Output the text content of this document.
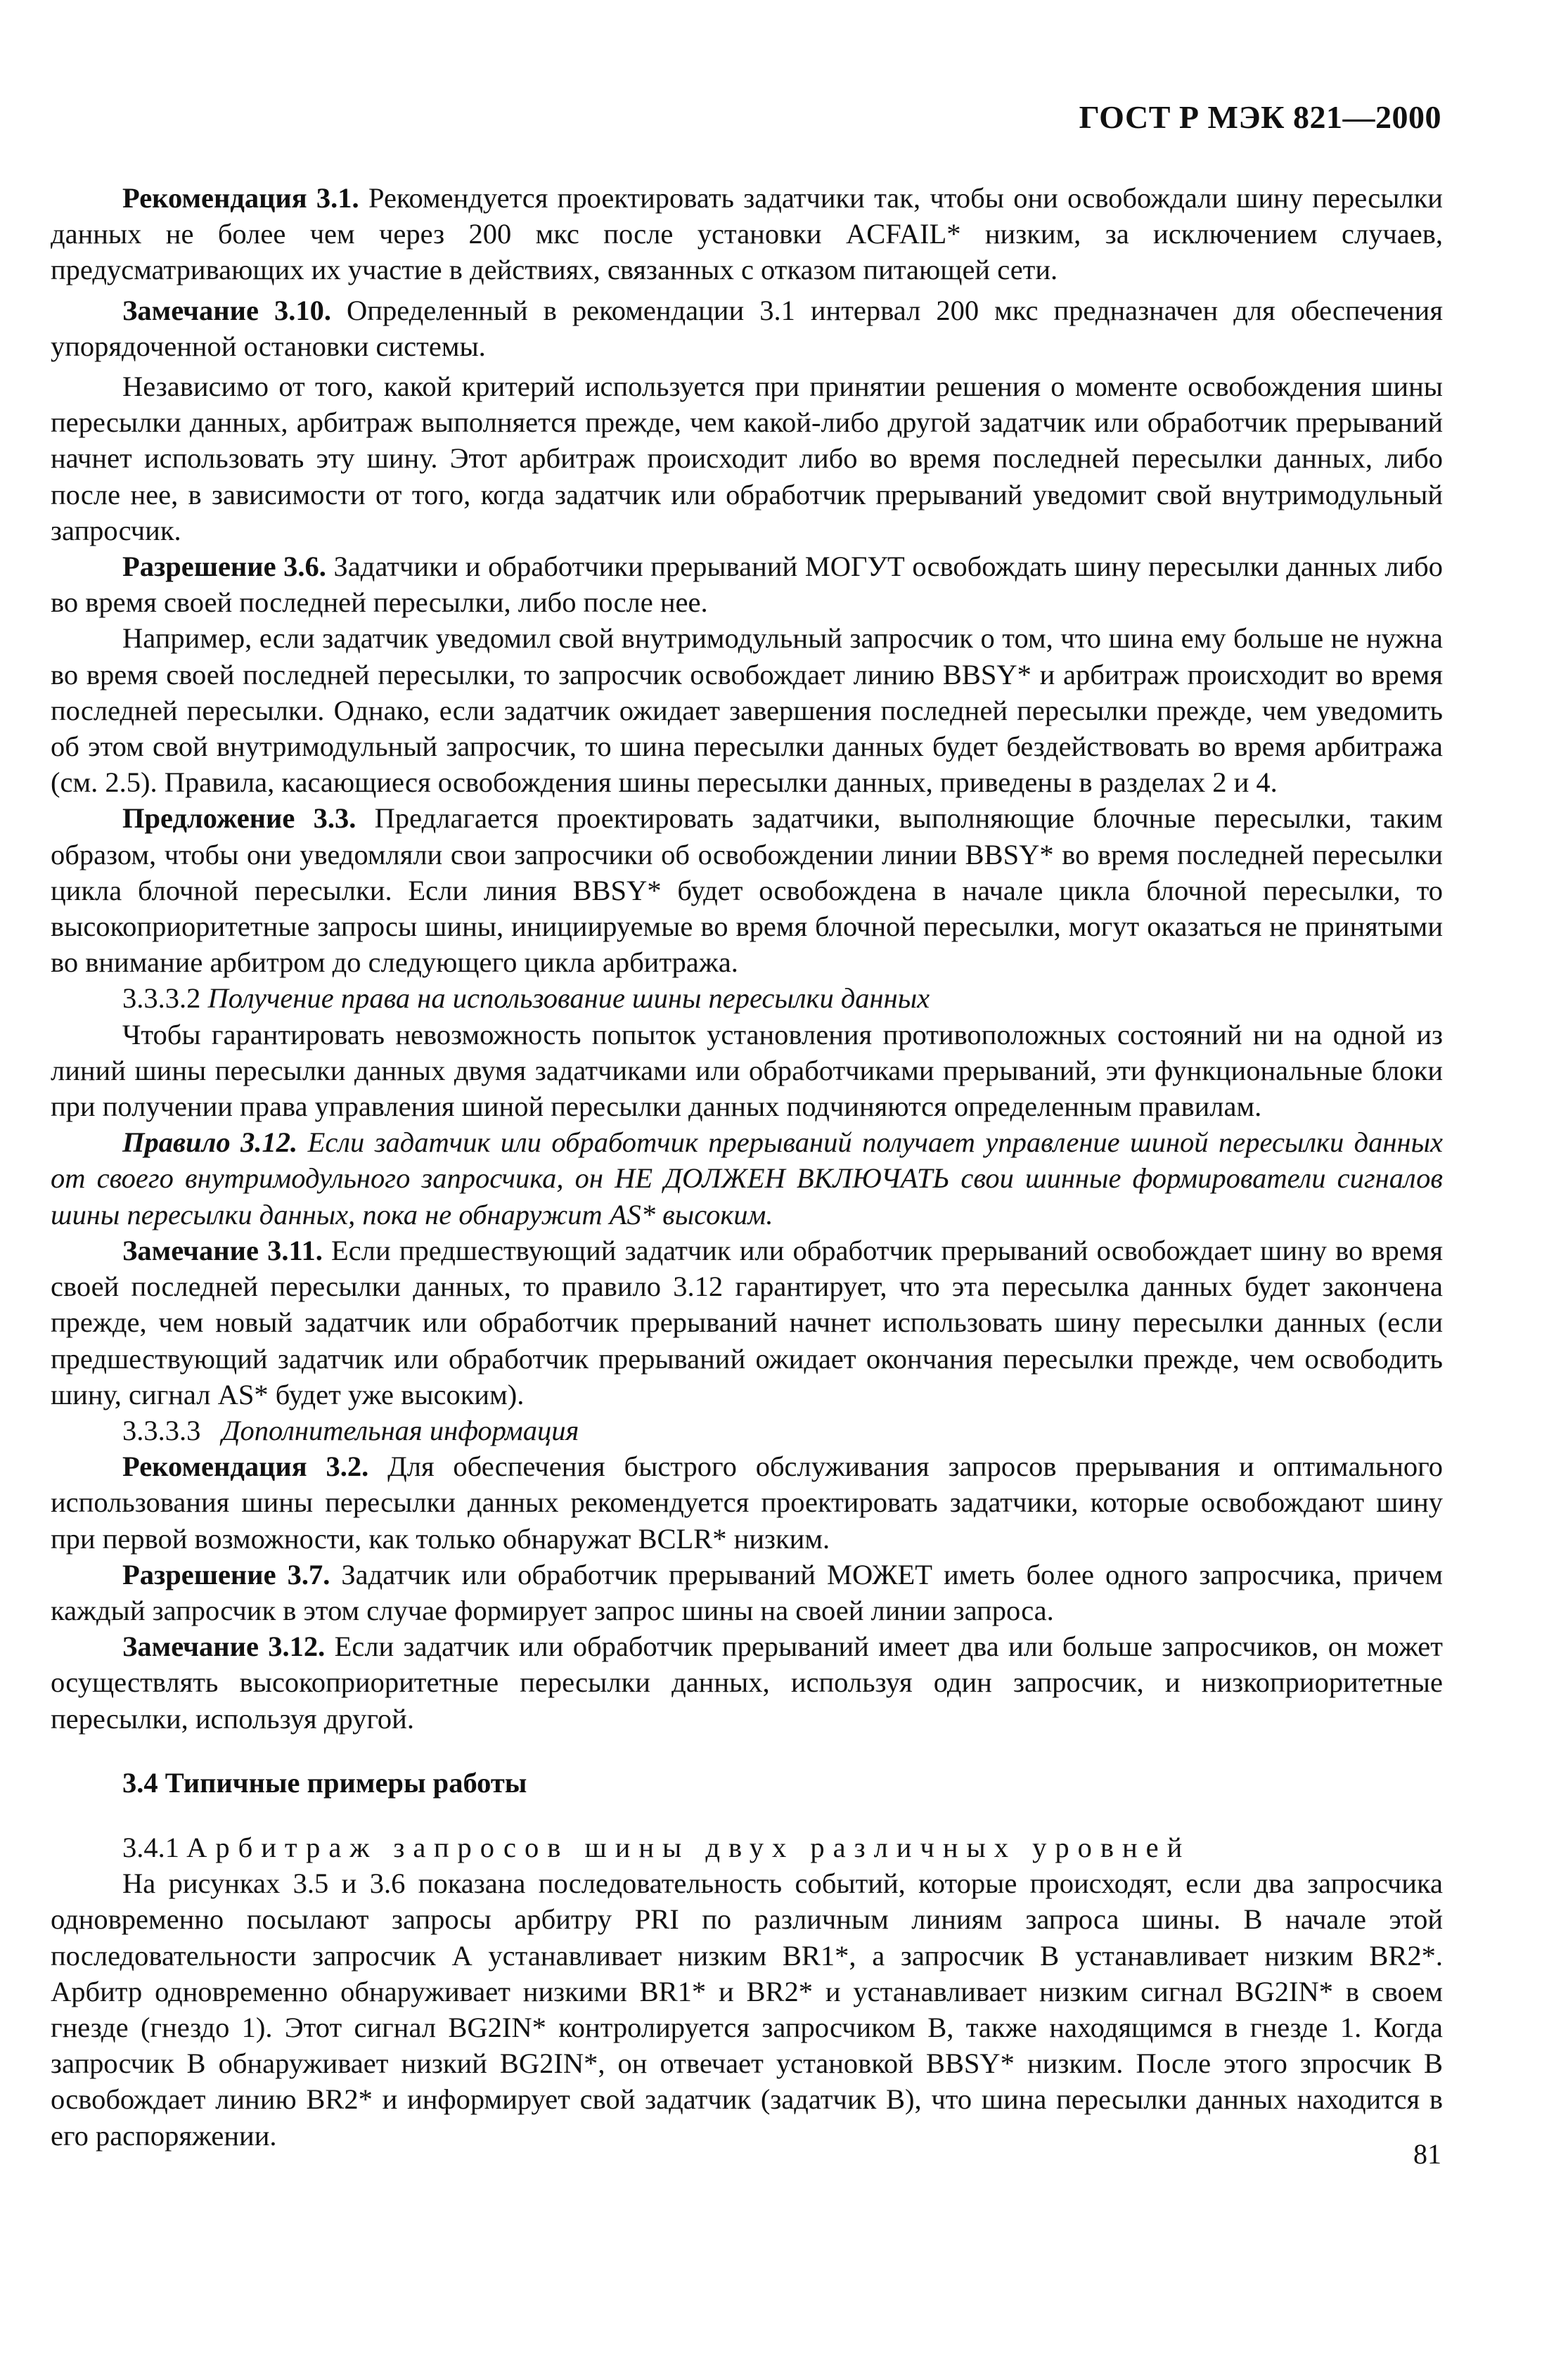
ГОСТ Р МЭК 821—2000

Рекомендация 3.1. Рекомендуется проектировать задатчики так, чтобы они освобождали шину пересылки данных не более чем через 200 мкс после установки ACFAIL* низким, за исключением случаев, предусматривающих их участие в действиях, связанных с отказом питающей сети.

Замечание 3.10. Определенный в рекомендации 3.1 интервал 200 мкс предназначен для обеспечения упорядоченной остановки системы.

Независимо от того, какой критерий используется при принятии решения о моменте освобождения шины пересылки данных, арбитраж выполняется прежде, чем какой-либо другой задатчик или обработчик прерываний начнет использовать эту шину. Этот арбитраж происходит либо во время последней пересылки данных, либо после нее, в зависимости от того, когда задатчик или обработчик прерываний уведомит свой внутримодульный запросчик.

Разрешение 3.6. Задатчики и обработчики прерываний МОГУТ освобождать шину пересылки данных либо во время своей последней пересылки, либо после нее.

Например, если задатчик уведомил свой внутримодульный запросчик о том, что шина ему больше не нужна во время своей последней пересылки, то запросчик освобождает линию BBSY* и арбитраж происходит во время последней пересылки. Однако, если задатчик ожидает завершения последней пересылки прежде, чем уведомить об этом свой внутримодульный запросчик, то шина пересылки данных будет бездействовать во время арбитража (см. 2.5). Правила, касающиеся освобождения шины пересылки данных, приведены в разделах 2 и 4.

Предложение 3.3. Предлагается проектировать задатчики, выполняющие блочные пересылки, таким образом, чтобы они уведомляли свои запросчики об освобождении линии BBSY* во время последней пересылки цикла блочной пересылки. Если линия BBSY* будет освобождена в начале цикла блочной пересылки, то высокоприоритетные запросы шины, инициируемые во время блочной пересылки, могут оказаться не принятыми во внимание арбитром до следующего цикла арбитража.

3.3.3.2 Получение права на использование шины пересылки данных

Чтобы гарантировать невозможность попыток установления противоположных состояний ни на одной из линий шины пересылки данных двумя задатчиками или обработчиками прерываний, эти функциональные блоки при получении права управления шиной пересылки данных подчиняются определенным правилам.

Правило 3.12. Если задатчик или обработчик прерываний получает управление шиной пересылки данных от своего внутримодульного запросчика, он НЕ ДОЛЖЕН ВКЛЮЧАТЬ свои шинные формирователи сигналов шины пересылки данных, пока не обнаружит AS* высоким.

Замечание 3.11. Если предшествующий задатчик или обработчик прерываний освобождает шину во время своей последней пересылки данных, то правило 3.12 гарантирует, что эта пересылка данных будет закончена прежде, чем новый задатчик или обработчик прерываний начнет использовать шину пересылки данных (если предшествующий задатчик или обработчик прерываний ожидает окончания пересылки прежде, чем освободить шину, сигнал AS* будет уже высоким).

3.3.3.3 Дополнительная информация

Рекомендация 3.2. Для обеспечения быстрого обслуживания запросов прерывания и оптимального использования шины пересылки данных рекомендуется проектировать задатчики, которые освобождают шину при первой возможности, как только обнаружат BCLR* низким.

Разрешение 3.7. Задатчик или обработчик прерываний МОЖЕТ иметь более одного запросчика, причем каждый запросчик в этом случае формирует запрос шины на своей линии запроса.

Замечание 3.12. Если задатчик или обработчик прерываний имеет два или больше запросчиков, он может осуществлять высокоприоритетные пересылки данных, используя один запросчик, и низкоприоритетные пересылки, используя другой.

3.4 Типичные примеры работы

3.4.1 Арбитраж запросов шины двух различных уровней

На рисунках 3.5 и 3.6 показана последовательность событий, которые происходят, если два запросчика одновременно посылают запросы арбитру PRI по различным линиям запроса шины. В начале этой последовательности запросчик А устанавливает низким BR1*, а запросчик В устанавливает низким BR2*. Арбитр одновременно обнаруживает низкими BR1* и BR2* и устанавливает низким сигнал BG2IN* в своем гнезде (гнездо 1). Этот сигнал BG2IN* контролируется запросчиком В, также находящимся в гнезде 1. Когда запросчик В обнаруживает низкий BG2IN*, он отвечает установкой BBSY* низким. После этого зпросчик В освобождает линию BR2* и информирует свой задатчик (задатчик В), что шина пересылки данных находится в его распоряжении.

81
